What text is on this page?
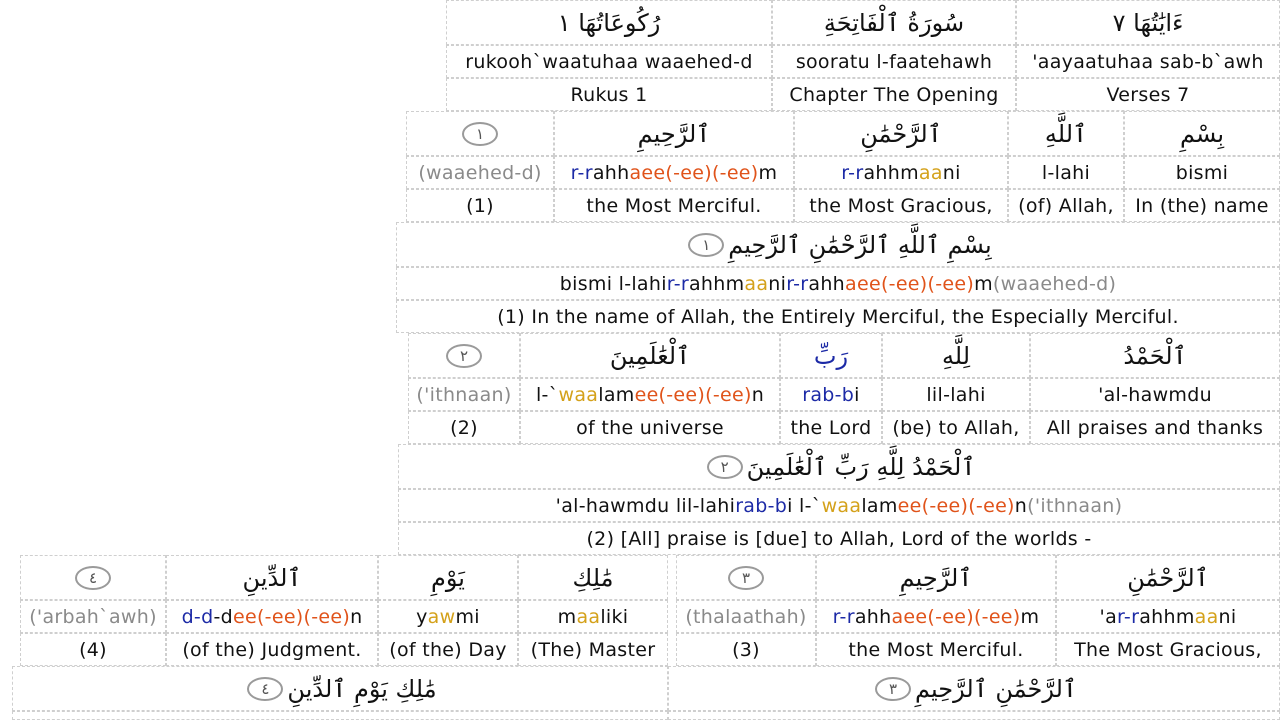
رُكُوعَاتُهَا ١	سُورَةُ ٱلْفَاتِحَةِ	ءَايَٰتُهَا ٧
rukooh`waatuhaa waaehed-d	sooratu l-faatehawh	'aayaatuhaa sab-b`awh
Rukus 1	Chapter The Opening	Verses 7
١	ٱلرَّحِيمِ	ٱلرَّحْمَٰنِ	ٱللَّهِ	بِسْمِ
(waaehed-d)	r-r ahh aee(-ee)(-ee) m	r-r ahhm aa ni	l-lahi	bismi
(1)	the Most Merciful.	the Most Gracious,	(of) Allah,	In (the) name
بِسْمِ ٱللَّهِ ٱلرَّحْمَٰنِ ٱلرَّحِيمِ
١
bismi l-lahi r-r ahhm aa ni r-r ahh aee(-ee)(-ee) m (waaehed-d)
(1) In the name of Allah, the Entirely Merciful, the Especially Merciful.
٢	ٱلْعَٰلَمِينَ	رَبِّ	لِلَّهِ	ٱلْحَمْدُ
('ithnaan)	l-` waa lam ee(-ee)(-ee) n ra b-b i	lil-lahi	'al-hawmdu
(2)	of the universe	the Lord	(be) to Allah,	All praises and thanks
ٱلْحَمْدُ لِلَّهِ رَبِّ ٱلْعَٰلَمِينَ
٢
'al-hawmdu lil-lahi ra b-b i l-` waa lam ee(-ee)(-ee) n ('ithnaan)
(2) [All] praise is [due] to Allah, Lord of the worlds -
٤	ٱلدِّينِ	يَوْمِ	مَٰلِكِ
('arbah`awh)	d-d -d ee(-ee)(-ee) n	y aw mi	m aa liki
(4)	(of the) Judgment.	(of the) Day	(The) Master
مَٰلِكِ يَوْمِ ٱلدِّينِ
٤
٣	ٱلرَّحِيمِ	ٱلرَّحْمَٰنِ
(thalaathah)	r-r ahh aee(-ee)(-ee) m	'a r-r ahhm aa ni
(3)	the Most Merciful.	The Most Gracious,
ٱلرَّحْمَٰنِ ٱلرَّحِيمِ
٣
